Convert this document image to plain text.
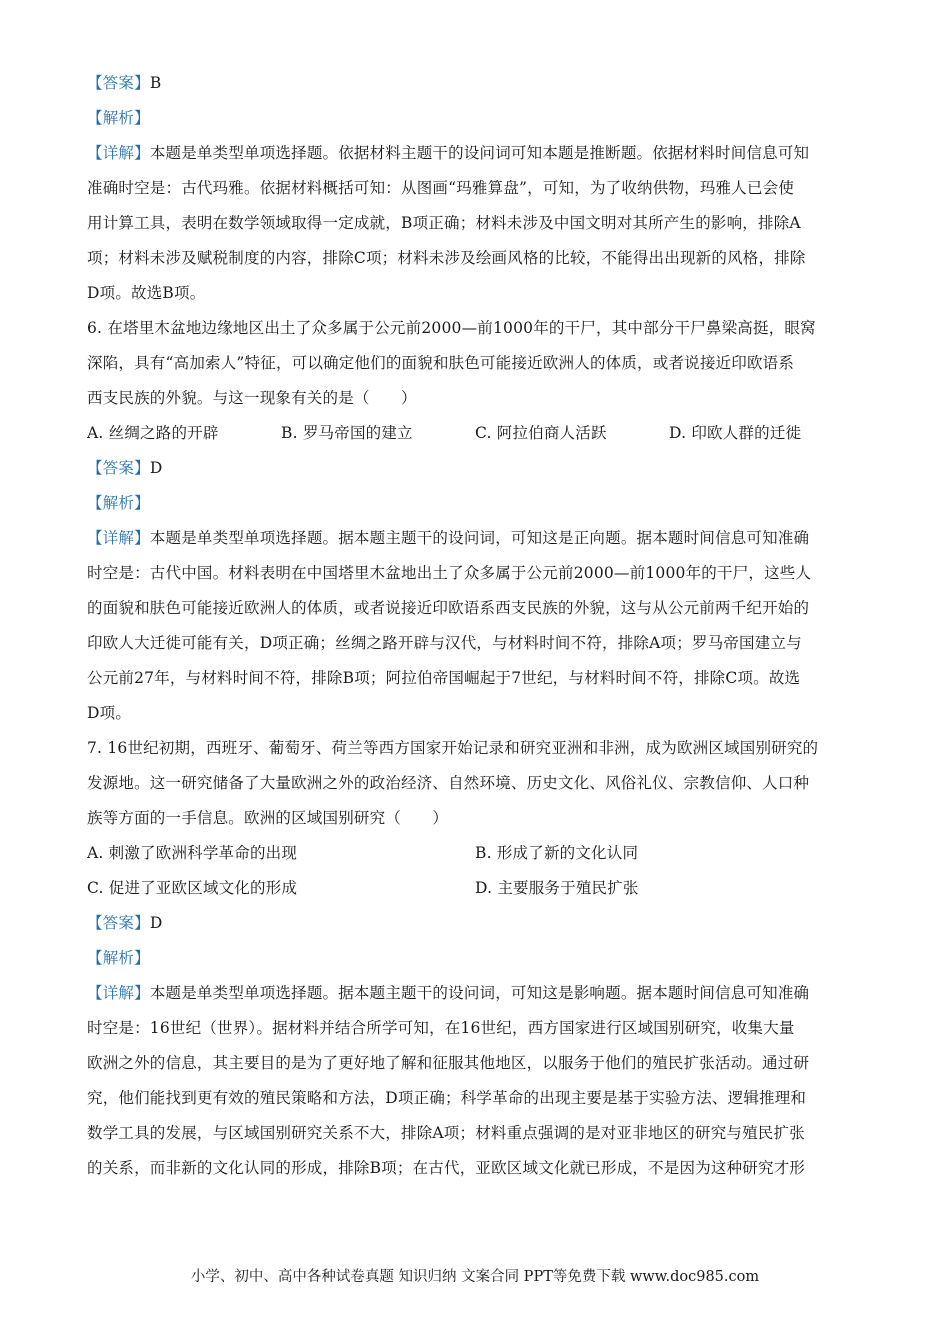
【答案】B
【解析】
【详解】本题是单类型单项选择题。依据材料主题干的设问词可知本题是推断题。依据材料时间信息可知
准确时空是：古代玛雅。依据材料概括可知：从图画“玛雅算盘”，可知，为了收纳供物，玛雅人已会使
用计算工具，表明在数学领域取得一定成就，B项正确；材料未涉及中国文明对其所产生的影响，排除A
项；材料未涉及赋税制度的内容，排除C项；材料未涉及绘画风格的比较，不能得出出现新的风格，排除
D项。故选B项。
6. 在塔里木盆地边缘地区出土了众多属于公元前2000—前1000年的干尸，其中部分干尸鼻梁高挺，眼窝
深陷，具有“高加索人”特征，可以确定他们的面貌和肤色可能接近欧洲人的体质，或者说接近印欧语系
西支民族的外貌。与这一现象有关的是（　　）
A. 丝绸之路的开辟	B. 罗马帝国的建立	C. 阿拉伯商人活跃	D. 印欧人群的迁徙
【答案】D
【解析】
【详解】本题是单类型单项选择题。据本题主题干的设问词，可知这是正向题。据本题时间信息可知准确
时空是：古代中国。材料表明在中国塔里木盆地出土了众多属于公元前2000—前1000年的干尸，这些人
的面貌和肤色可能接近欧洲人的体质，或者说接近印欧语系西支民族的外貌，这与从公元前两千纪开始的
印欧人大迁徙可能有关，D项正确；丝绸之路开辟与汉代，与材料时间不符，排除A项；罗马帝国建立与
公元前27年，与材料时间不符，排除B项；阿拉伯帝国崛起于7世纪，与材料时间不符，排除C项。故选
D项。
7. 16世纪初期，西班牙、葡萄牙、荷兰等西方国家开始记录和研究亚洲和非洲，成为欧洲区域国别研究的
发源地。这一研究储备了大量欧洲之外的政治经济、自然环境、历史文化、风俗礼仪、宗教信仰、人口种
族等方面的一手信息。欧洲的区域国别研究（　　）
A. 刺激了欧洲科学革命的出现	B. 形成了新的文化认同
C. 促进了亚欧区域文化的形成	D. 主要服务于殖民扩张
【答案】D
【解析】
【详解】本题是单类型单项选择题。据本题主题干的设问词，可知这是影响题。据本题时间信息可知准确
时空是：16世纪（世界）。据材料并结合所学可知，在16世纪，西方国家进行区域国别研究，收集大量
欧洲之外的信息，其主要目的是为了更好地了解和征服其他地区，以服务于他们的殖民扩张活动。通过研
究，他们能找到更有效的殖民策略和方法，D项正确；科学革命的出现主要是基于实验方法、逻辑推理和
数学工具的发展，与区域国别研究关系不大，排除A项；材料重点强调的是对亚非地区的研究与殖民扩张
的关系，而非新的文化认同的形成，排除B项；在古代，亚欧区域文化就已形成，不是因为这种研究才形
小学、初中、高中各种试卷真题 知识归纳 文案合同 PPT等免费下载 www.doc985.com
